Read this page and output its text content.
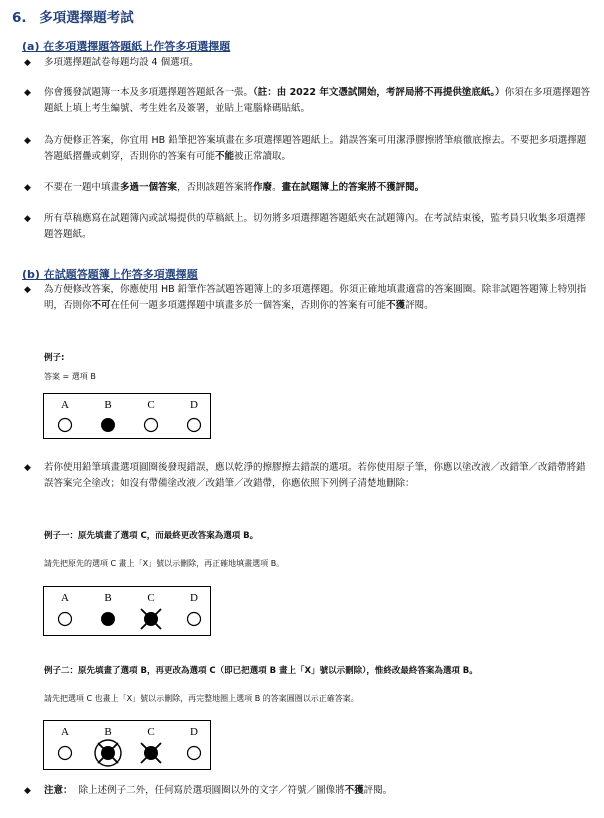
6. 多項選擇題考試
(a) 在多項選擇題答題紙上作答多項選擇題
◆ 多項選擇題試卷每題均設 4 個選項。
◆ 你會獲發試題簿一本及多項選擇題答題紙各一張。（註：由 2022 年文憑試開始，考評局將不再提供塗底紙。）你須在多項選擇題答題紙上填上考生編號、考生姓名及簽署，並貼上電腦條碼貼紙。
◆ 為方便修正答案，你宜用 HB 鉛筆把答案填畫在多項選擇題答題紙上。錯誤答案可用潔淨膠擦將筆痕徹底擦去。不要把多項選擇題答題紙摺疊或刺穿，否則你的答案有可能不能被正常讀取。
◆ 不要在一題中填畫多過一個答案，否則該題答案將作廢。畫在試題簿上的答案將不獲評閱。
◆ 所有草稿應寫在試題簿內或試場提供的草稿紙上。切勿將多項選擇題答題紙夾在試題簿內。在考試結束後，監考員只收集多項選擇題答題紙。
(b) 在試題答題簿上作答多項選擇題
◆ 為方便修改答案，你應使用 HB 鉛筆作答試題答題簿上的多項選擇題。你須正確地填畫適當的答案圓圈。除非試題答題簿上特別指明，否則你不可在任何一題多項選擇題中填畫多於一個答案，否則你的答案有可能不獲評閱。
例子:
答案 = 選項 B
A	B	C	D
◆ 若你使用鉛筆填畫選項圓圈後發現錯誤，應以乾淨的擦膠擦去錯誤的選項。若你使用原子筆，你應以塗改液／改錯筆／改錯帶將錯誤答案完全塗改；如沒有帶備塗改液／改錯筆／改錯帶，你應依照下列例子清楚地刪除：
例子一：原先填畫了選項 C，而最終更改答案為選項 B。
請先把原先的選項 C 畫上「X」號以示刪除，再正確地填畫選項 B。
A	B	C	D
例子二：原先填畫了選項 B，再更改為選項 C（即已把選項 B 畫上「X」號以示刪除），惟終改最終答案為選項 B。
請先把選項 C 也畫上「X」號以示刪除，再完整地圈上選項 B 的答案圓圈以示正確答案。
A	B	C	D
◆ 注意： 除上述例子二外，任何寫於選項圓圈以外的文字／符號／圖像將不獲評閱。
